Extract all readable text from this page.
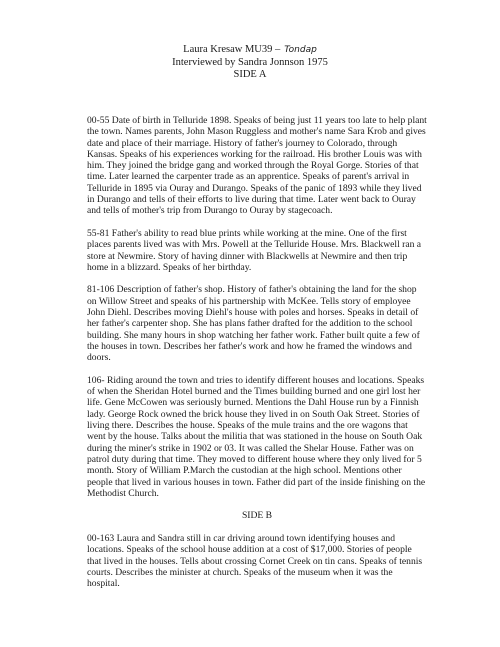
Laura Kresaw MU39 – Tondap
Interviewed by Sandra Jonnson 1975
SIDE A

00-55 Date of birth in Telluride 1898. Speaks of being just 11 years too late to help plant the town. Names parents, John Mason Ruggless and mother's name Sara Krob and gives date and place of their marriage. History of father's journey to Colorado, through Kansas. Speaks of his experiences working for the railroad. His brother Louis was with him. They joined the bridge gang and worked through the Royal Gorge. Stories of that time. Later learned the carpenter trade as an apprentice. Speaks of parent's arrival in Telluride in 1895 via Ouray and Durango. Speaks of the panic of 1893 while they lived in Durango and tells of their efforts to live during that time. Later went back to Ouray and tells of mother's trip from Durango to Ouray by stagecoach.

55-81 Father's ability to read blue prints while working at the mine. One of the first places parents lived was with Mrs. Powell at the Telluride House. Mrs. Blackwell ran a store at Newmire. Story of having dinner with Blackwells at Newmire and then trip home in a blizzard. Speaks of her birthday.

81-106 Description of father's shop. History of father's obtaining the land for the shop on Willow Street and speaks of his partnership with McKee. Tells story of employee John Diehl. Describes moving Diehl's house with poles and horses. Speaks in detail of her father's carpenter shop. She has plans father drafted for the addition to the school building. She many hours in shop watching her father work. Father built quite a few of the houses in town. Describes her father's work and how he framed the windows and doors.

106- Riding around the town and tries to identify different houses and locations. Speaks of when the Sheridan Hotel burned and the Times building burned and one girl lost her life. Gene McCowen was seriously burned. Mentions the Dahl House run by a Finnish lady. George Rock owned the brick house they lived in on South Oak Street. Stories of living there. Describes the house. Speaks of the mule trains and the ore wagons that went by the house. Talks about the militia that was stationed in the house on South Oak during the miner's strike in 1902 or 03. It was called the Shelar House. Father was on patrol duty during that time. They moved to different house where they only lived for 5 month. Story of William P.March the custodian at the high school. Mentions other people that lived in various houses in town. Father did part of the inside finishing on the Methodist Church.

SIDE B

00-163 Laura and Sandra still in car driving around town identifying houses and locations. Speaks of the school house addition at a cost of $17,000. Stories of people that lived in the houses. Tells about crossing Cornet Creek on tin cans. Speaks of tennis courts. Describes the minister at church. Speaks of the museum when it was the hospital.
